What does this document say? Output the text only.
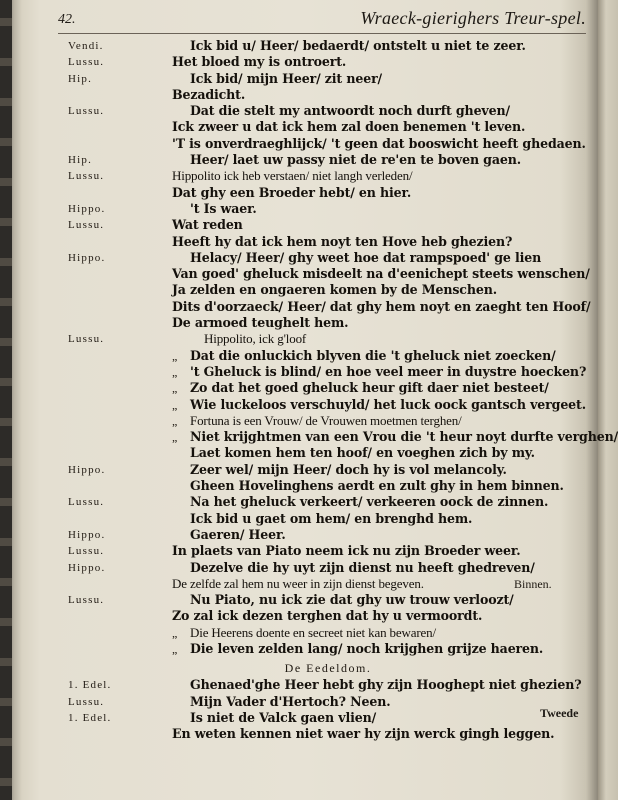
42.	Wraeck-gierighers Treur-spel.
Vendi.	Ick bid u/ Heer/ bedaerdt/ ontstelt u niet te zeer.
Lussu.	Het bloed my is ontroert.
Hip.	Ick bid/ mijn Heer/ zit neer/
Bezadicht.
Lussu.	Dat die stelt my antwoordt noch durft gheven/
Ick zweer u dat ick hem zal doen benemen 't leven.
'T is onverdraeghlijck/ 't geen dat booswicht heeft ghedaen.
Hip.	Heer/ laet uw passy niet de re'en te boven gaen.
Lussu.	Hippolito ick heb verstaen/ niet langh verleden/
Dat ghy een Broeder hebt/ en hier.
Hippo.	't Is waer.
Lussu.	Wat reden
Heeft hy dat ick hem noyt ten Hove heb ghezien?
Hippo.	Helacy/ Heer/ ghy weet hoe dat rampspoed' ge lien
Van goed' gheluck misdeelt na d'eenichept steets wenschen/
Ja zelden en ongaeren komen by de Menschen.
Dits d'oorzaeck/ Heer/ dat ghy hem noyt en zaeght ten Hoof/
De armoed teughelt hem.
Lussu.	Hippolito, ick g'loof
„ Dat die onluckich blyven die 't gheluck niet zoecken/
„ 't Gheluck is blind/ en hoe veel meer in duystre hoecken?
„ Zo dat het goed gheluck heur gift daer niet besteet/
„ Wie luckeloos verschuyld/ het luck oock gantsch vergeet.
„ Fortuna is een Vrouw/ de Vrouwen moetmen terghen/
„ Niet krijghtmen van een Vrou die 't heur noyt durfte verghen/
Laet komen hem ten hoof/ en voeghen zich by my.
Hippo.	Zeer wel/ mijn Heer/ doch hy is vol melancoly.
Gheen Hovelinghens aerdt en zult ghy in hem binnen.
Lussu.	Na het gheluck verkeert/ verkeeren oock de zinnen.
Ick bid u gaet om hem/ en brenghd hem.
Hippo.	Gaeren/ Heer.
Lussu.	In plaets van Piato neem ick nu zijn Broeder weer.
Hippo.	Dezelve die hy uyt zijn dienst nu heeft ghedreven/
De zelfde zal hem nu weer in zijn dienst begeven.	Binnen.
Lussu.	Nu Piato, nu ick zie dat ghy uw trouw verloozt/
Zo zal ick dezen terghen dat hy u vermoordt.
„ Die Heerens doente en secreet niet kan bewaren/
„ Die leven zelden lang/ noch krijghen grijze haeren.
De Eedeldom.
1. Edel.	Ghenaed'ghe Heer hebt ghy zijn Hooghept niet ghezien?
Lussu.	Mijn Vader d'Hertoch? Neen.
1. Edel.	Is niet de Valck gaen vlien/
En weten kennen niet waer hy zijn werck gingh leggen.
Tweede
